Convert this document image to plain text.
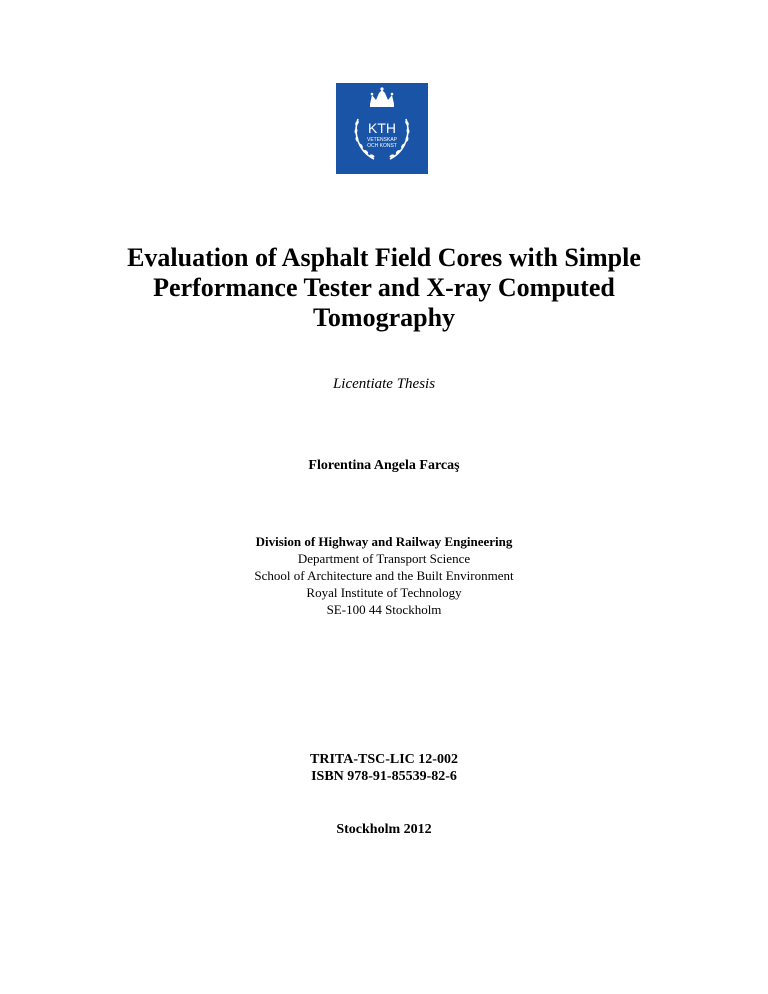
KTH
VETENSKAP
OCH KONST
Evaluation of Asphalt Field Cores with Simple
Performance Tester and X-ray Computed
Tomography
Licentiate Thesis
Florentina Angela Farcaş
Division of Highway and Railway Engineering
Department of Transport Science
School of Architecture and the Built Environment
Royal Institute of Technology
SE-100 44 Stockholm
TRITA-TSC-LIC 12-002
ISBN 978-91-85539-82-6
Stockholm 2012
